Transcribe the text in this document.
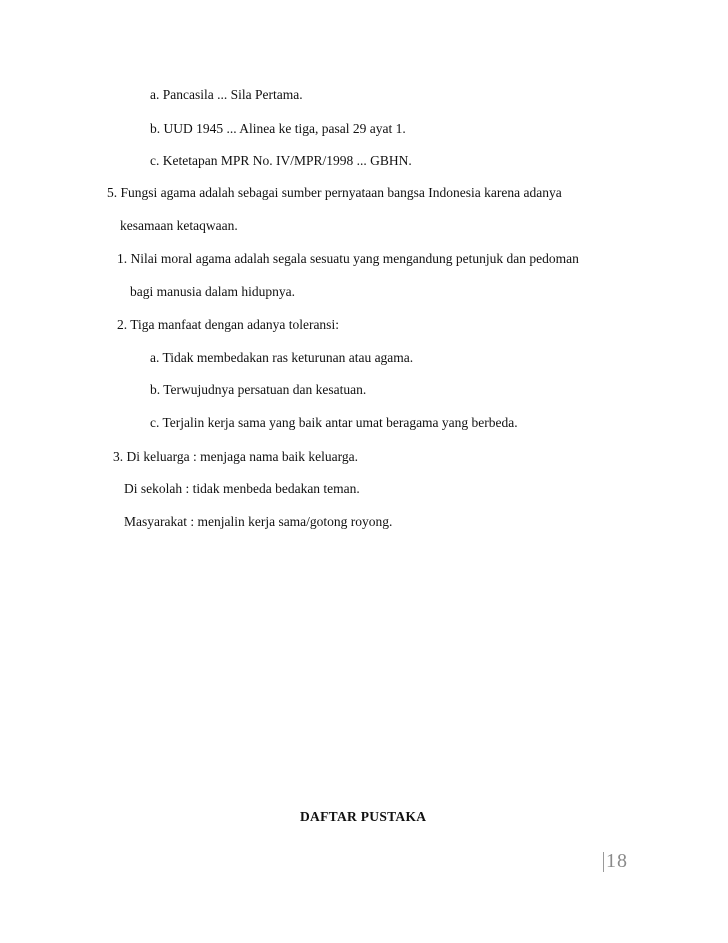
a. Pancasila ... Sila Pertama.
b. UUD 1945 ... Alinea ke tiga, pasal 29 ayat 1.
c. Ketetapan MPR No. IV/MPR/1998 ... GBHN.
5. Fungsi agama adalah sebagai sumber pernyataan bangsa Indonesia karena adanya
kesamaan ketaqwaan.
1. Nilai moral agama adalah segala sesuatu yang mengandung petunjuk dan pedoman
bagi manusia dalam hidupnya.
2. Tiga manfaat dengan adanya toleransi:
a. Tidak membedakan ras keturunan atau agama.
b. Terwujudnya persatuan dan kesatuan.
c. Terjalin kerja sama yang baik antar umat beragama yang berbeda.
3. Di keluarga : menjaga nama baik keluarga.
Di sekolah : tidak menbeda bedakan teman.
Masyarakat : menjalin kerja sama/gotong royong.
DAFTAR PUSTAKA
18
